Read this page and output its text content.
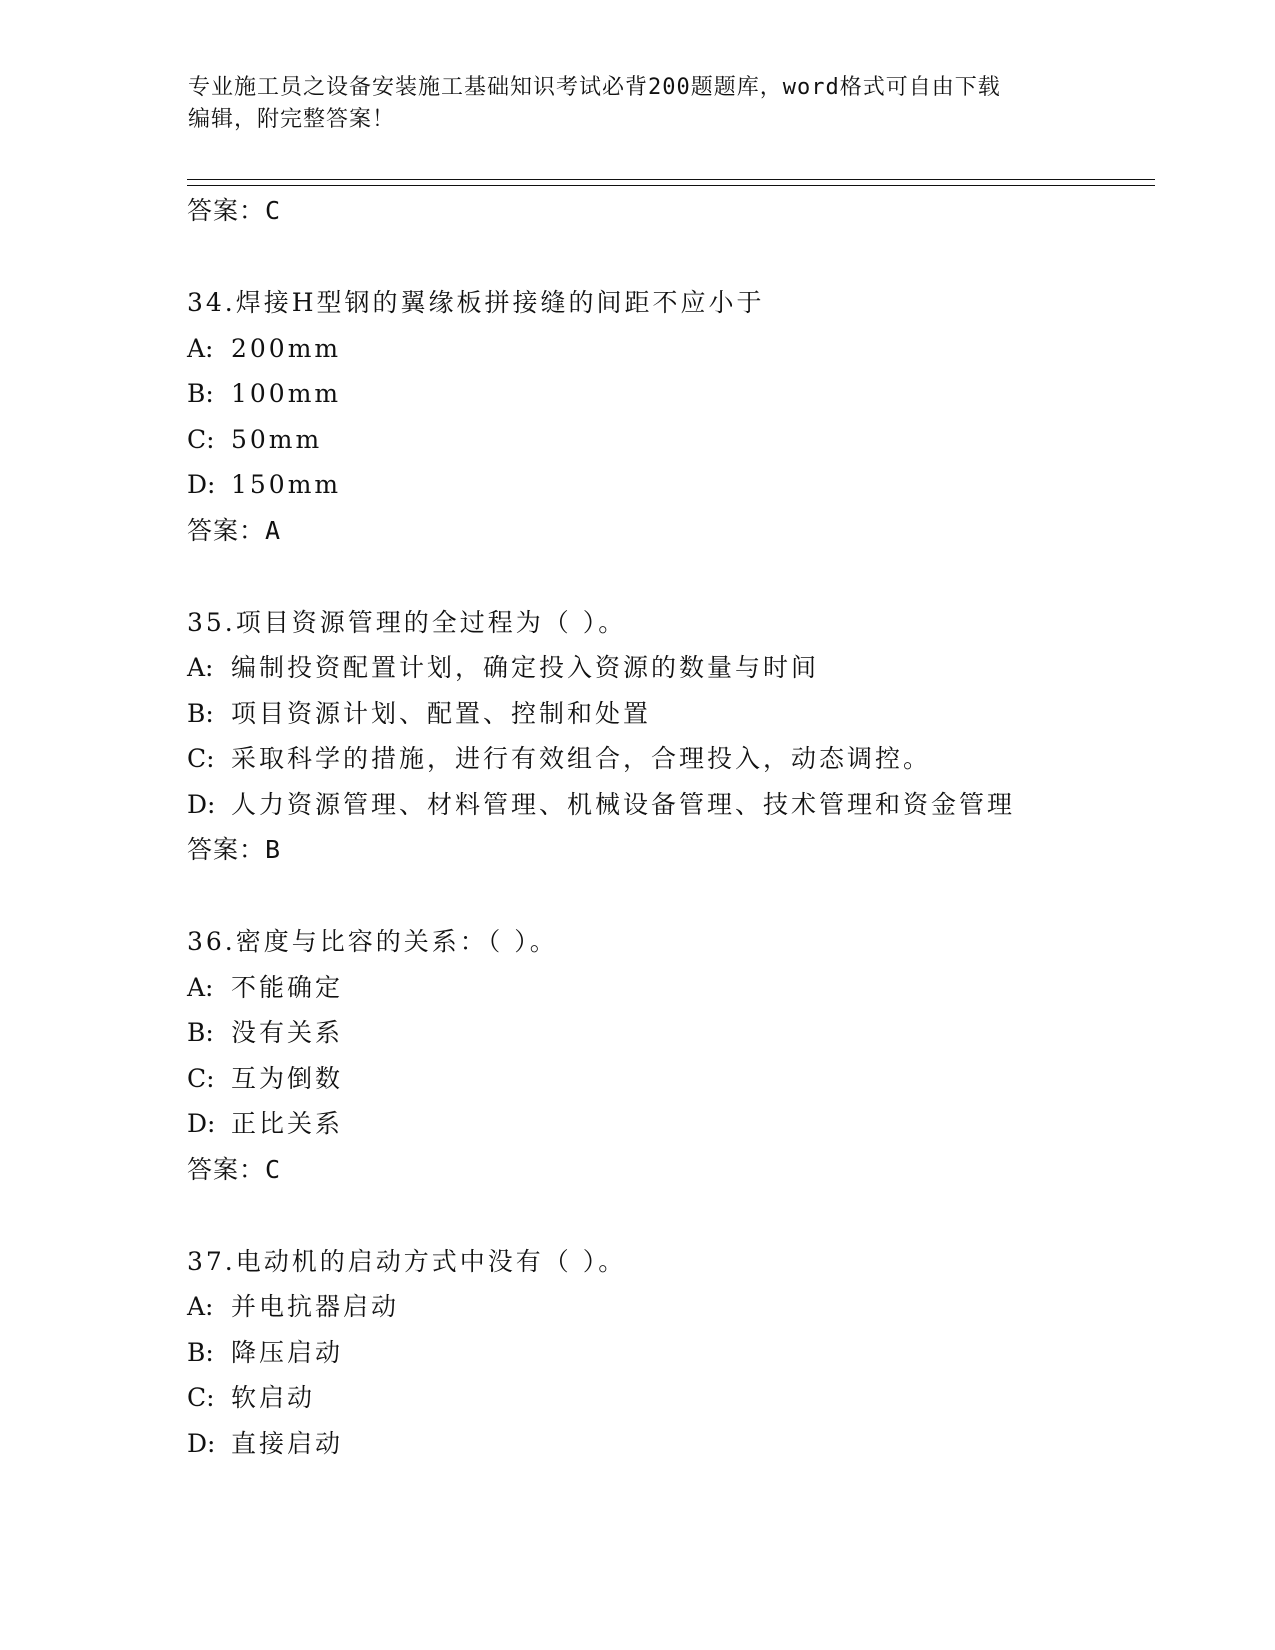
专业施工员之设备安装施工基础知识考试必背200题题库，word格式可自由下载
编辑，附完整答案！
答案：C
34.焊接H型钢的翼缘板拼接缝的间距不应小于
A: 200mm
B: 100mm
C: 50mm
D: 150mm
答案：A
35.项目资源管理的全过程为（ ）。
A: 编制投资配置计划，确定投入资源的数量与时间
B: 项目资源计划、配置、控制和处置
C: 采取科学的措施，进行有效组合，合理投入，动态调控。
D: 人力资源管理、材料管理、机械设备管理、技术管理和资金管理
答案：B
36.密度与比容的关系：（ ）。
A: 不能确定
B: 没有关系
C: 互为倒数
D: 正比关系
答案：C
37.电动机的启动方式中没有（ ）。
A: 并电抗器启动
B: 降压启动
C: 软启动
D: 直接启动
